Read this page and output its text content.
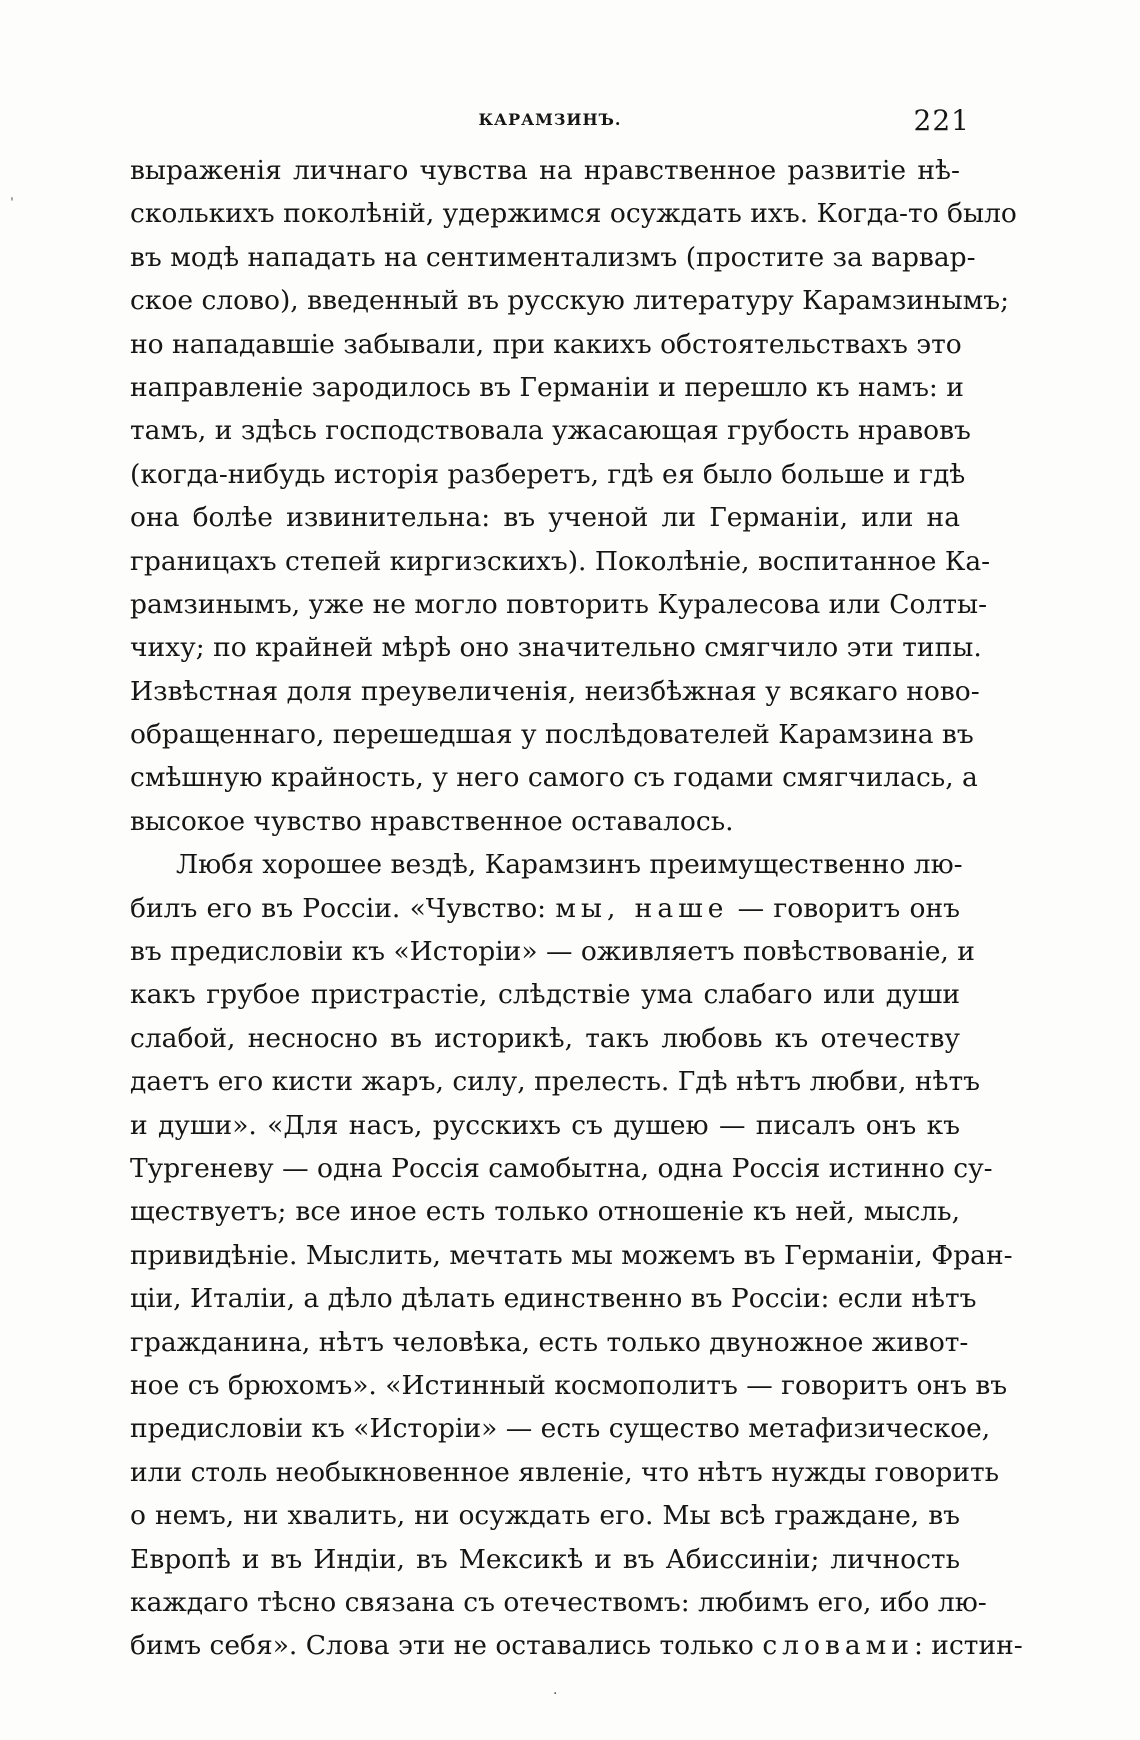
КАРАМЗИНЪ.	221
выраженія личнаго чувства на нравственное развитіе нѣ-
сколькихъ поколѣній, удержимся осуждать ихъ. Когда-то было
въ модѣ нападать на сентиментализмъ (простите за варвар-
ское слово), введенный въ русскую литературу Карамзинымъ;
но нападавшіе забывали, при какихъ обстоятельствахъ это
направленіе зародилось въ Германіи и перешло къ намъ: и
тамъ, и здѣсь господствовала ужасающая грубость нравовъ
(когда-нибудь исторія разберетъ, гдѣ ея было больше и гдѣ
она болѣе извинительна: въ ученой ли Германіи, или на
границахъ степей киргизскихъ). Поколѣніе, воспитанное Ка-
рамзинымъ, уже не могло повторить Куралесова или Солты-
чиху; по крайней мѣрѣ оно значительно смягчило эти типы.
Извѣстная доля преувеличенія, неизбѣжная у всякаго ново-
обращеннаго, перешедшая у послѣдователей Карамзина въ
смѣшную крайность, у него самого съ годами смягчилась, а
высокое чувство нравственное оставалось.
Любя хорошее вездѣ, Карамзинъ преимущественно лю-
билъ его въ Россіи. «Чувство: мы, наше — говоритъ онъ
въ предисловіи къ «Исторіи» — оживляетъ повѣствованіе, и
какъ грубое пристрастіе, слѣдствіе ума слабаго или души
слабой, несносно въ историкѣ, такъ любовь къ отечеству
даетъ его кисти жаръ, силу, прелесть. Гдѣ нѣтъ любви, нѣтъ
и души». «Для насъ, русскихъ съ душею — писалъ онъ къ
Тургеневу — одна Россія самобытна, одна Россія истинно су-
ществуетъ; все иное есть только отношеніе къ ней, мысль,
привидѣніе. Мыслить, мечтать мы можемъ въ Германіи, Фран-
ціи, Италіи, а дѣло дѣлать единственно въ Россіи: если нѣтъ
гражданина, нѣтъ человѣка, есть только двуножное живот-
ное съ брюхомъ». «Истинный космополитъ — говоритъ онъ въ
предисловіи къ «Исторіи» — есть существо метафизическое,
или столь необыкновенное явленіе, что нѣтъ нужды говорить
о немъ, ни хвалить, ни осуждать его. Мы всѣ граждане, въ
Европѣ и въ Индіи, въ Мексикѣ и въ Абиссиніи; личность
каждаго тѣсно связана съ отечествомъ: любимъ его, ибо лю-
бимъ себя». Слова эти не оставались только словами: истин-
ˈ
·
